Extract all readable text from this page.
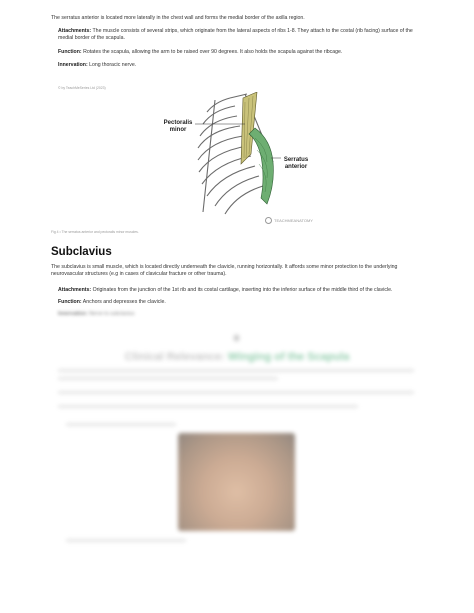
The serratus anterior is located more laterally in the chest wall and forms the medial border of the axilla region.
Attachments: The muscle consists of several strips, which originate from the lateral aspects of ribs 1-8. They attach to the costal (rib facing) surface of the medial border of the scapula.
Function: Rotates the scapula, allowing the arm to be raised over 90 degrees. It also holds the scapula against the ribcage.
Innervation: Long thoracic nerve.
© by TeachMeSeries Ltd (2023)
Pectoralis minor
Serratus anterior
TEACHMEANATOMY
Fig 4 • The serratus anterior and pectoralis minor muscles.
Subclavius
The subclavius is small muscle, which is located directly underneath the clavicle, running horizontally. It affords some minor protection to the underlying neurovascular structures (e.g in cases of clavicular fracture or other trauma).
Attachments: Originates from the junction of the 1st rib and its costal cartilage, inserting into the inferior surface of the middle third of the clavicle.
Function: Anchors and depresses the clavicle.
Innervation: Nerve to subclavius
Clinical Relevance: Winging of the Scapula
